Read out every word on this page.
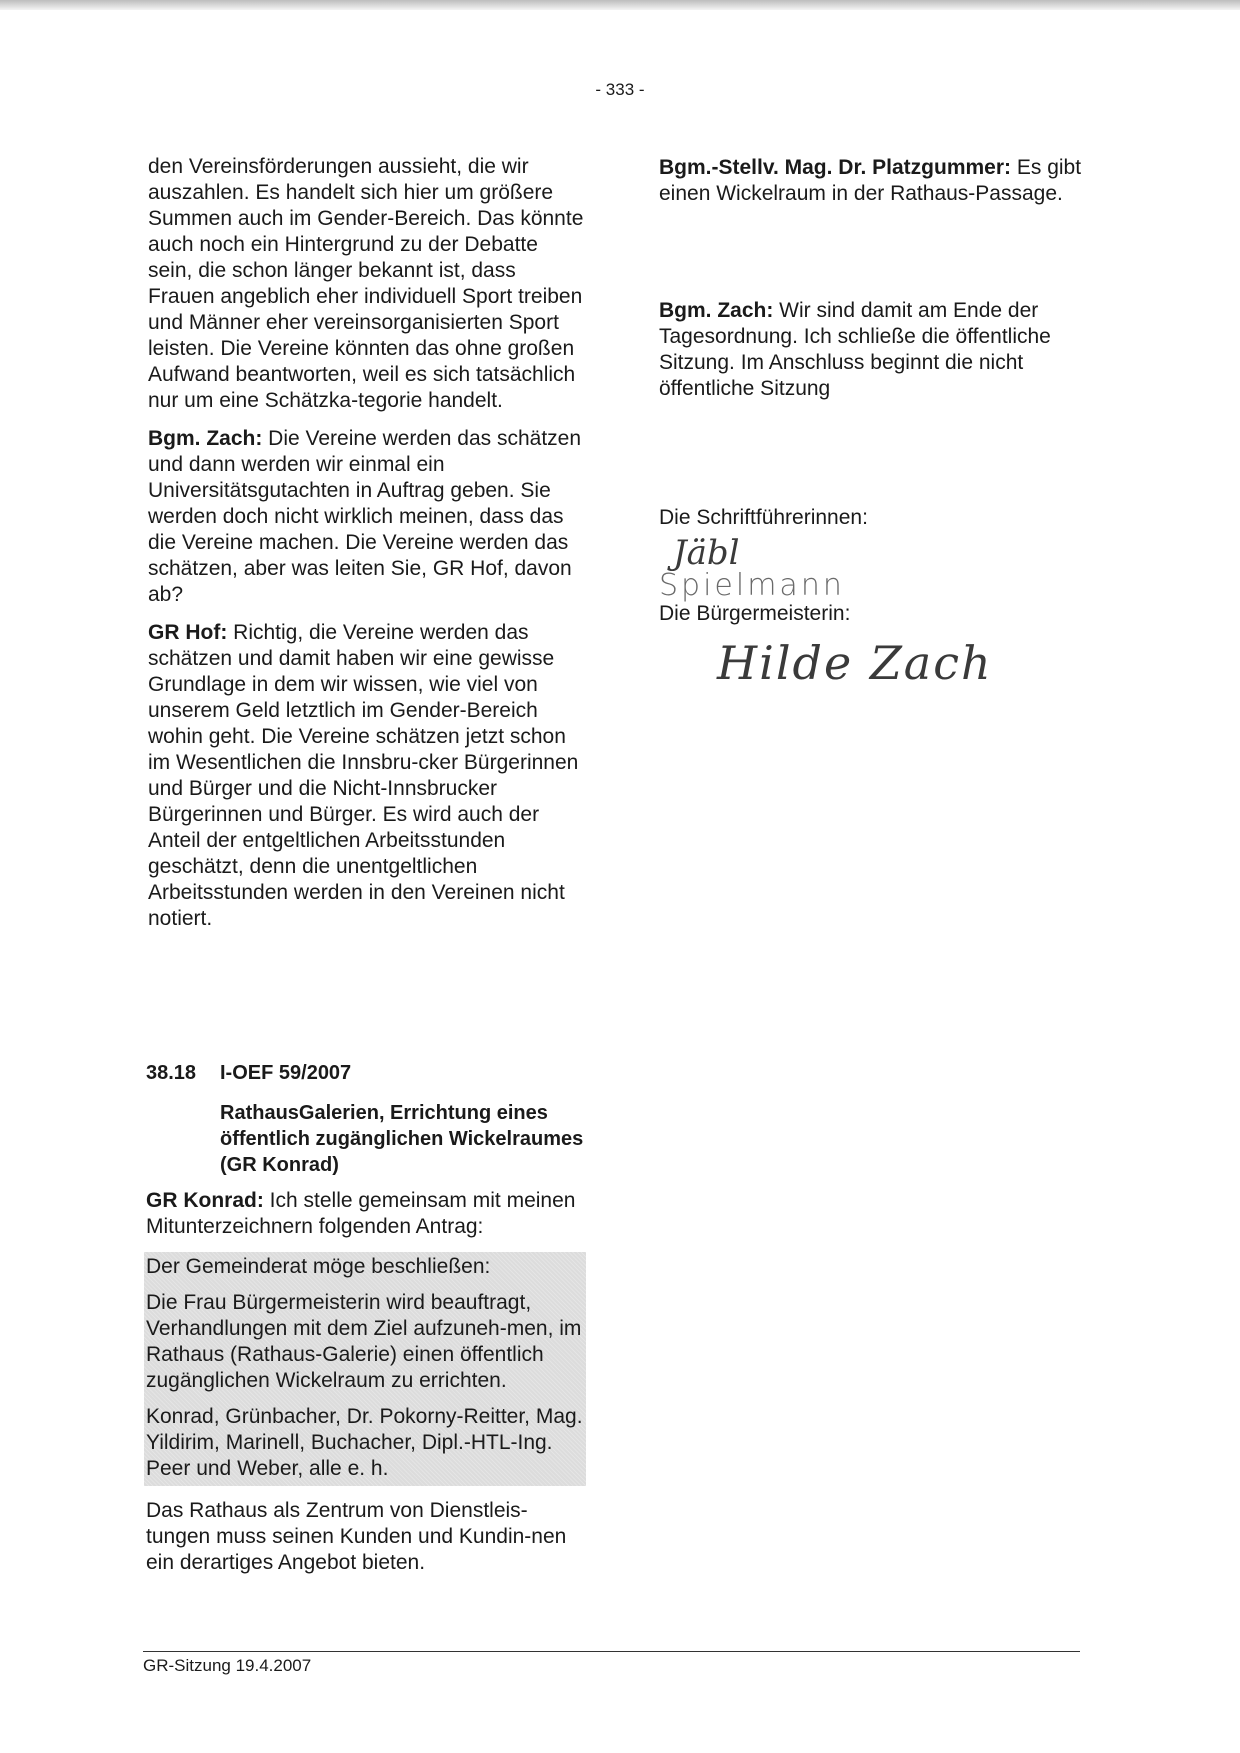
- 333 -

den Vereinsförderungen aussieht, die wir auszahlen. Es handelt sich hier um größere Summen auch im Gender-Bereich. Das könnte auch noch ein Hintergrund zu der Debatte sein, die schon länger bekannt ist, dass Frauen angeblich eher individuell Sport treiben und Männer eher vereinsorganisierten Sport leisten. Die Vereine könnten das ohne großen Aufwand beantworten, weil es sich tatsächlich nur um eine Schätzka-tegorie handelt.

Bgm. Zach: Die Vereine werden das schätzen und dann werden wir einmal ein Universitätsgutachten in Auftrag geben. Sie werden doch nicht wirklich meinen, dass das die Vereine machen. Die Vereine werden das schätzen, aber was leiten Sie, GR Hof, davon ab?

GR Hof: Richtig, die Vereine werden das schätzen und damit haben wir eine gewisse Grundlage in dem wir wissen, wie viel von unserem Geld letztlich im Gender-Bereich wohin geht. Die Vereine schätzen jetzt schon im Wesentlichen die Innsbru-cker Bürgerinnen und Bürger und die Nicht-Innsbrucker Bürgerinnen und Bürger. Es wird auch der Anteil der entgeltlichen Arbeitsstunden geschätzt, denn die unentgeltlichen Arbeitsstunden werden in den Vereinen nicht notiert.

38.18	I-OEF 59/2007
RathausGalerien, Errichtung eines öffentlich zugänglichen Wickelraumes (GR Konrad)

GR Konrad: Ich stelle gemeinsam mit meinen Mitunterzeichnern folgenden Antrag:

Der Gemeinderat möge beschließen:

Die Frau Bürgermeisterin wird beauftragt, Verhandlungen mit dem Ziel aufzuneh-men, im Rathaus (Rathaus-Galerie) einen öffentlich zugänglichen Wickelraum zu errichten.

Konrad, Grünbacher, Dr. Pokorny-Reitter, Mag. Yildirim, Marinell, Buchacher, Dipl.-HTL-Ing. Peer und Weber, alle e. h.

Das Rathaus als Zentrum von Dienstleis-tungen muss seinen Kunden und Kundin-nen ein derartiges Angebot bieten.

Bgm.-Stellv. Mag. Dr. Platzgummer: Es gibt einen Wickelraum in der Rathaus-Passage.

Bgm. Zach: Wir sind damit am Ende der Tagesordnung. Ich schließe die öffentliche Sitzung. Im Anschluss beginnt die nicht öffentliche Sitzung

Die Schriftführerinnen:

Jäbl

Spielmann

Die Bürgermeisterin:

Hilde Zach

GR-Sitzung 19.4.2007
